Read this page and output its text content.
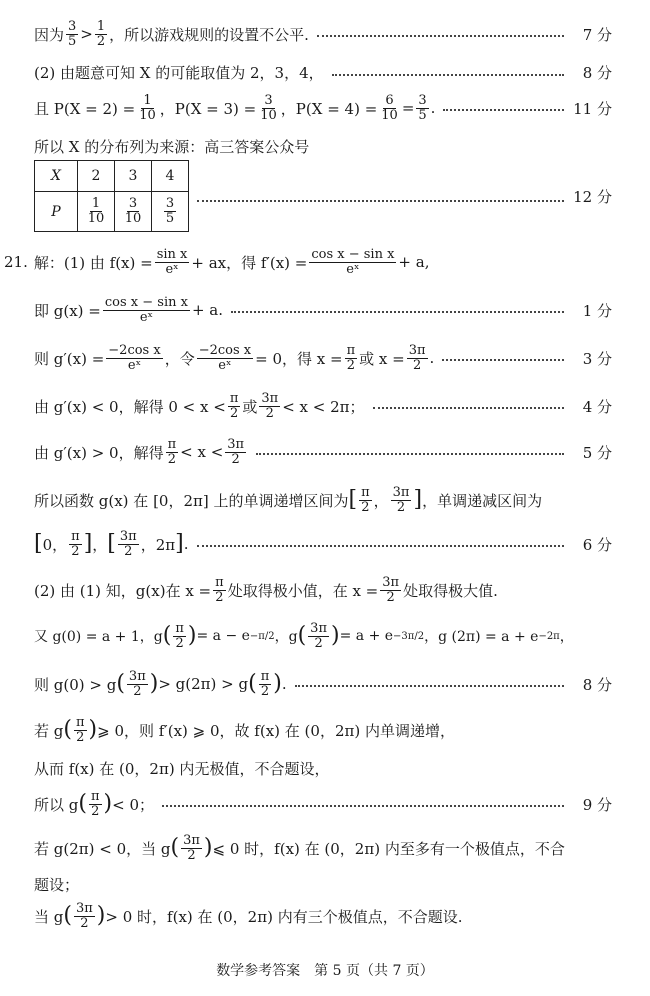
因为 $\frac{3}{5} > \frac{1}{2}$ ，所以游戏规则的设置不公平.	7 分
(2) 由题意可知 X 的可能取值为 2，3，4，	8 分
且 $P(X = 2) = \frac{1}{10}$ ，$P(X = 3) = \frac{3}{10}$ ，$P(X = 4) = \frac{6}{10} = \frac{3}{5}$ .	11 分
所以 X 的分布列为来源：高三答案公众号
X	2	3	4
P	$\frac{1}{10}$	$\frac{3}{10}$	$\frac{3}{5}$
12 分
21. 解：(1) 由 $f(x) = \frac{\text{sin x}}{\text{eˣ}}$ + ax，得 $f'(x) = \frac{\text{cos x − sin x}}{\text{eˣ}} + a$,
即 $g(x) = \frac{\text{cos x − sin x}}{\text{eˣ}} + a$.	1 分
则 $g'(x) = \frac{\text{−2cos x}}{\text{eˣ}}$ ，令 $\frac{\text{−2cos x}}{\text{eˣ}} = 0$，得 $x = \frac{\pi}{2}$ 或 $x = \frac{3\pi}{2}$ .	3 分
由 g′(x) < 0，解得 $0 < x < \frac{\pi}{2}$ 或 $\frac{3\pi}{2} < x < 2\pi$；	4 分
由 g′(x) > 0，解得 $\frac{\pi}{2} < x < \frac{3\pi}{2}$	5 分
所以函数 g(x) 在 [0，2π] 上的单调递增区间为 [ $\frac{\pi}{2}$ ， $\frac{3\pi}{2}$ ] ，单调递减区间为
[ 0， $\frac{\pi}{2}$ ] ， [ $\frac{3\pi}{2}$ ，2π ] .	6 分
(2) 由 (1) 知，g(x)在 $x = \frac{\pi}{2}$ 处取得极小值，在 $x = \frac{3\pi}{2}$ 处取得极大值.
又 g(0) = a + 1，g ( $\frac{\pi}{2}$ ) = a − e −π/2 ，g ( $\frac{3\pi}{2}$ ) = a + e −3π/2 ，g (2π) = a + e −2π ，
则 g(0) > g ( $\frac{3\pi}{2}$ ) > g(2π) > g ( $\frac{\pi}{2}$ ) .	8 分
若 g ( $\frac{\pi}{2}$ ) ⩾ 0，则 f′(x) ⩾ 0，故 f(x) 在 (0，2π) 内单调递增，
从而 f(x) 在 (0，2π) 内无极值，不合题设，
所以 g ( $\frac{\pi}{2}$ ) < 0；	9 分
若 g(2π) < 0，当 g ( $\frac{3\pi}{2}$ ) ⩽ 0 时，f(x) 在 (0，2π) 内至多有一个极值点，不合
题设；
当 g ( $\frac{3\pi}{2}$ ) > 0 时，f(x) 在 (0，2π) 内有三个极值点，不合题设.
数学参考答案　第 5 页（共 7 页）
